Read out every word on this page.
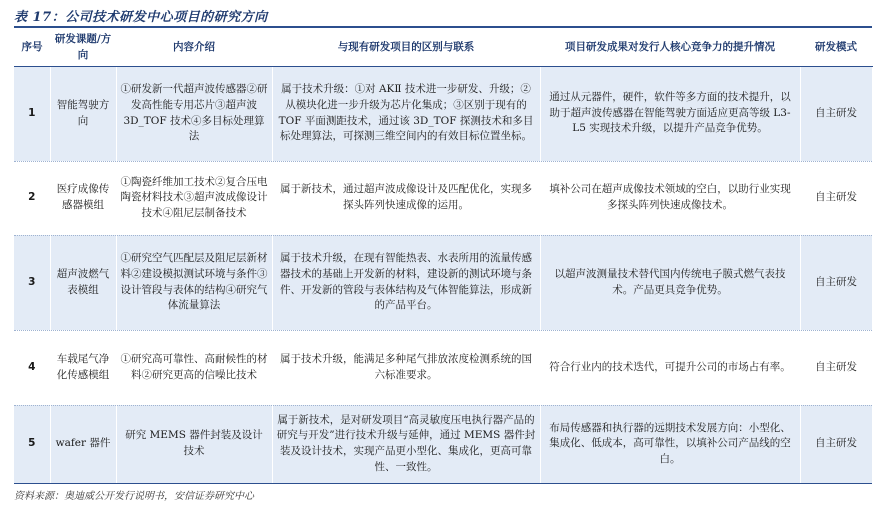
表 17：公司技术研发中心项目的研究方向
序号	研发课题/方向	内容介绍	与现有研发项目的区别与联系	项目研发成果对发行人核心竞争力的提升情况	研发模式
1	智能驾驶方向	①研发新一代超声波传感器②研发高性能专用芯片③超声波 3D_TOF 技术④多目标处理算法	属于技术升级：①对 AKⅡ 技术进一步研发、升级；②从模块化进一步升级为芯片化集成；③区别于现有的 TOF 平面测距技术，通过该 3D_TOF 探测技术和多目标处理算法，可探测三维空间内的有效目标位置坐标。	通过从元器件，硬件，软件等多方面的技术提升，以助于超声波传感器在智能驾驶方面适应更高等级 L3-L5 实现技术升级，以提升产品竞争优势。	自主研发
2	医疗成像传感器模组	①陶瓷纤维加工技术②复合压电陶瓷材料技术③超声波成像设计技术④阻尼层制备技术	属于新技术，通过超声波成像设计及匹配优化，实现多探头阵列快速成像的运用。	填补公司在超声成像技术领域的空白，以助行业实现多探头阵列快速成像技术。	自主研发
3	超声波燃气表模组	①研究空气匹配层及阻尼层新材料②建设模拟测试环境与条件③设计管段与表体的结构④研究气体流量算法	属于技术升级，在现有智能热表、水表所用的流量传感器技术的基础上开发新的材料，建设新的测试环境与条件、开发新的管段与表体结构及气体智能算法，形成新的产品平台。	以超声波测量技术替代国内传统电子膜式燃气表技术。产品更具竞争优势。	自主研发
4	车载尾气净化传感模组	①研究高可靠性、高耐候性的材料②研究更高的信噪比技术	属于技术升级，能满足多种尾气排放浓度检测系统的国六标准要求。	符合行业内的技术迭代，可提升公司的市场占有率。	自主研发
5	wafer 器件	研究 MEMS 器件封装及设计技术	属于新技术，是对研发项目“高灵敏度压电执行器产品的研究与开发”进行技术升级与延伸，通过 MEMS 器件封装及设计技术，实现产品更小型化、集成化，更高可靠性、一致性。	布局传感器和执行器的远期技术发展方向：小型化、集成化、低成本，高可靠性，以填补公司产品线的空白。	自主研发
资料来源：奥迪威公开发行说明书，安信证券研究中心
